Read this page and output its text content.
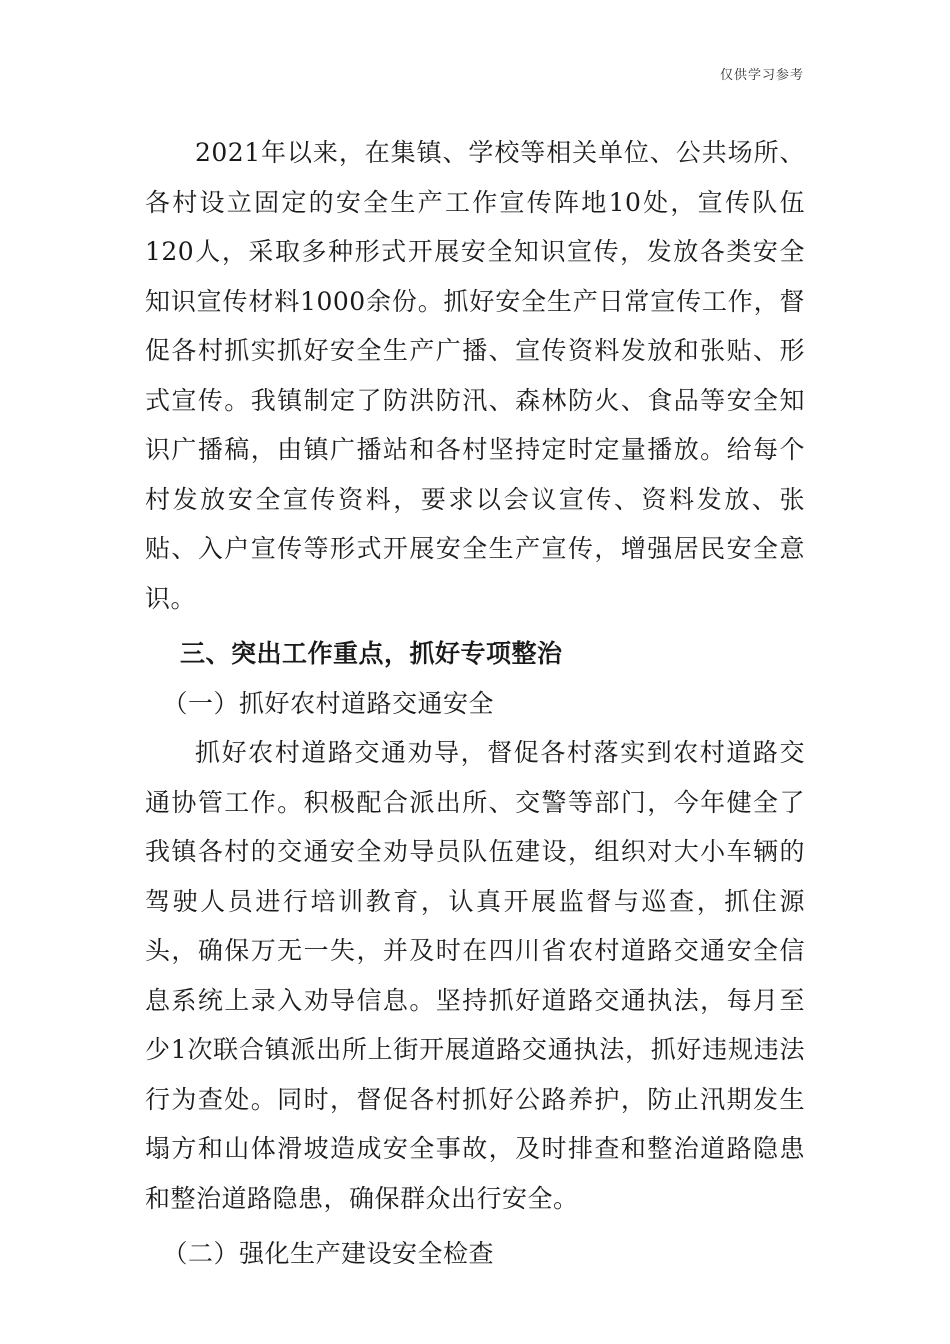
仅供学习参考

2021年以来，在集镇、学校等相关单位、公共场所、各村设立固定的安全生产工作宣传阵地10处，宣传队伍120人，采取多种形式开展安全知识宣传，发放各类安全知识宣传材料1000余份。抓好安全生产日常宣传工作，督促各村抓实抓好安全生产广播、宣传资料发放和张贴、形式宣传。我镇制定了防洪防汛、森林防火、食品等安全知识广播稿，由镇广播站和各村坚持定时定量播放。给每个村发放安全宣传资料，要求以会议宣传、资料发放、张贴、入户宣传等形式开展安全生产宣传，增强居民安全意识。

三、突出工作重点，抓好专项整治

（一）抓好农村道路交通安全

抓好农村道路交通劝导，督促各村落实到农村道路交通协管工作。积极配合派出所、交警等部门，今年健全了我镇各村的交通安全劝导员队伍建设，组织对大小车辆的驾驶人员进行培训教育，认真开展监督与巡查，抓住源头，确保万无一失，并及时在四川省农村道路交通安全信息系统上录入劝导信息。坚持抓好道路交通执法，每月至少1次联合镇派出所上街开展道路交通执法，抓好违规违法行为查处。同时，督促各村抓好公路养护，防止汛期发生塌方和山体滑坡造成安全事故，及时排查和整治道路隐患和整治道路隐患，确保群众出行安全。

（二）强化生产建设安全检查
